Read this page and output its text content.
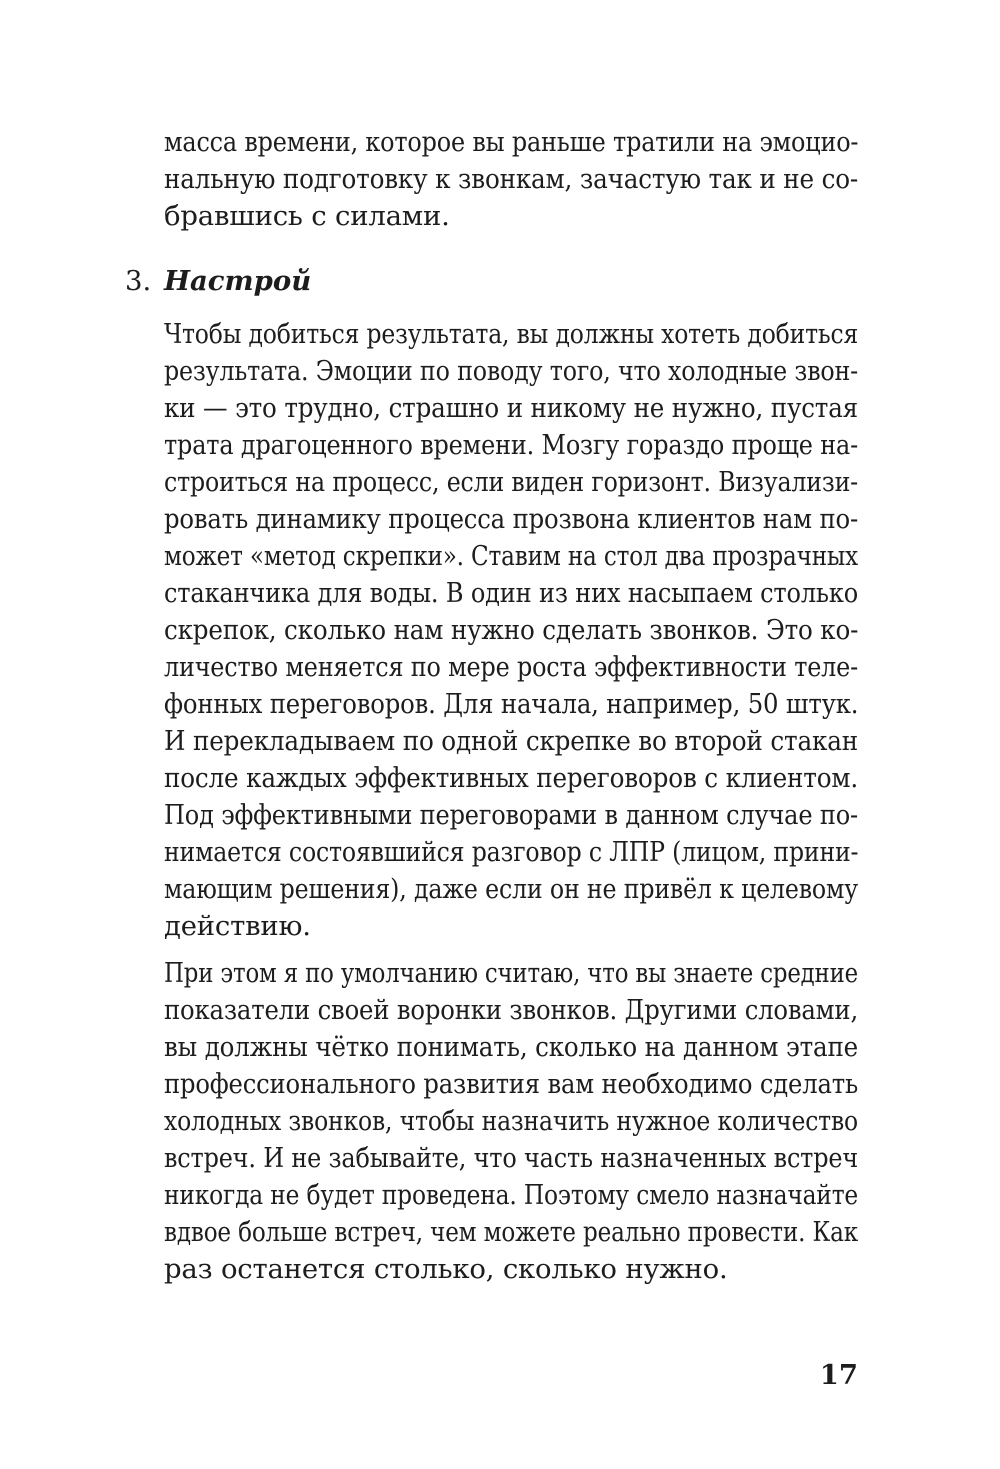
масса времени, которое вы раньше тратили на эмоцио-
нальную подготовку к звонкам, зачастую так и не со-
бравшись с силами.
3. Настрой
Чтобы добиться результата, вы должны хотеть добиться
результата. Эмоции по поводу того, что холодные звон-
ки — это трудно, страшно и никому не нужно, пустая
трата драгоценного времени. Мозгу гораздо проще на-
строиться на процесс, если виден горизонт. Визуализи-
ровать динамику процесса прозвона клиентов нам по-
может «метод скрепки». Ставим на стол два прозрачных
стаканчика для воды. В один из них насыпаем столько
скрепок, сколько нам нужно сделать звонков. Это ко-
личество меняется по мере роста эффективности теле-
фонных переговоров. Для начала, например, 50 штук.
И перекладываем по одной скрепке во второй стакан
после каждых эффективных переговоров с клиентом.
Под эффективными переговорами в данном случае по-
нимается состоявшийся разговор с ЛПР (лицом, прини-
мающим решения), даже если он не привёл к целевому
действию.
При этом я по умолчанию считаю, что вы знаете средние
показатели своей воронки звонков. Другими словами,
вы должны чётко понимать, сколько на данном этапе
профессионального развития вам необходимо сделать
холодных звонков, чтобы назначить нужное количество
встреч. И не забывайте, что часть назначенных встреч
никогда не будет проведена. Поэтому смело назначайте
вдвое больше встреч, чем можете реально провести. Как
раз останется столько, сколько нужно.
17
